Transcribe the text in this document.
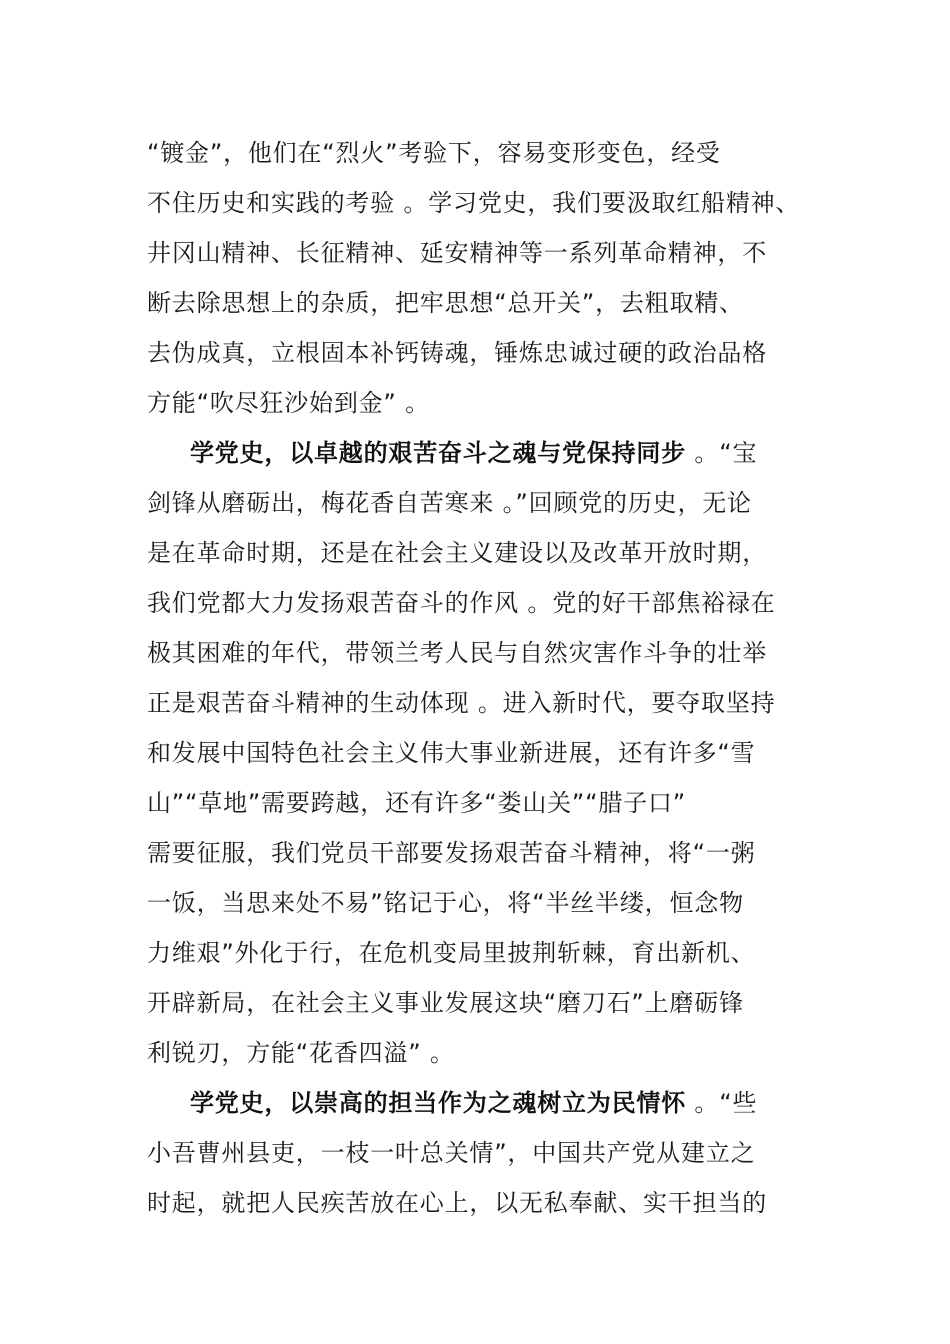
“镀金”，他们在“烈火”考验下，容易变形变色，经受
不住历史和实践的考验 。学习党史，我们要汲取红船精神、
井冈山精神、长征精神、延安精神等一系列革命精神，不
断去除思想上的杂质，把牢思想“总开关”，去粗取精、
去伪成真，立根固本补钙铸魂，锤炼忠诚过硬的政治品格
方能“吹尽狂沙始到金” 。
学党史，以卓越的艰苦奋斗之魂与党保持同步 。“宝
剑锋从磨砺出，梅花香自苦寒来 。”回顾党的历史，无论
是在革命时期，还是在社会主义建设以及改革开放时期，
我们党都大力发扬艰苦奋斗的作风 。党的好干部焦裕禄在
极其困难的年代，带领兰考人民与自然灾害作斗争的壮举
正是艰苦奋斗精神的生动体现 。进入新时代，要夺取坚持
和发展中国特色社会主义伟大事业新进展，还有许多“雪
山”“草地”需要跨越，还有许多“娄山关”“腊子口”
需要征服，我们党员干部要发扬艰苦奋斗精神，将“一粥
一饭，当思来处不易”铭记于心，将“半丝半缕，恒念物
力维艰”外化于行，在危机变局里披荆斩棘，育出新机、
开辟新局，在社会主义事业发展这块“磨刀石”上磨砺锋
利锐刃，方能“花香四溢” 。
学党史，以崇高的担当作为之魂树立为民情怀 。“些
小吾曹州县吏，一枝一叶总关情”，中国共产党从建立之
时起，就把人民疾苦放在心上，以无私奉献、实干担当的
